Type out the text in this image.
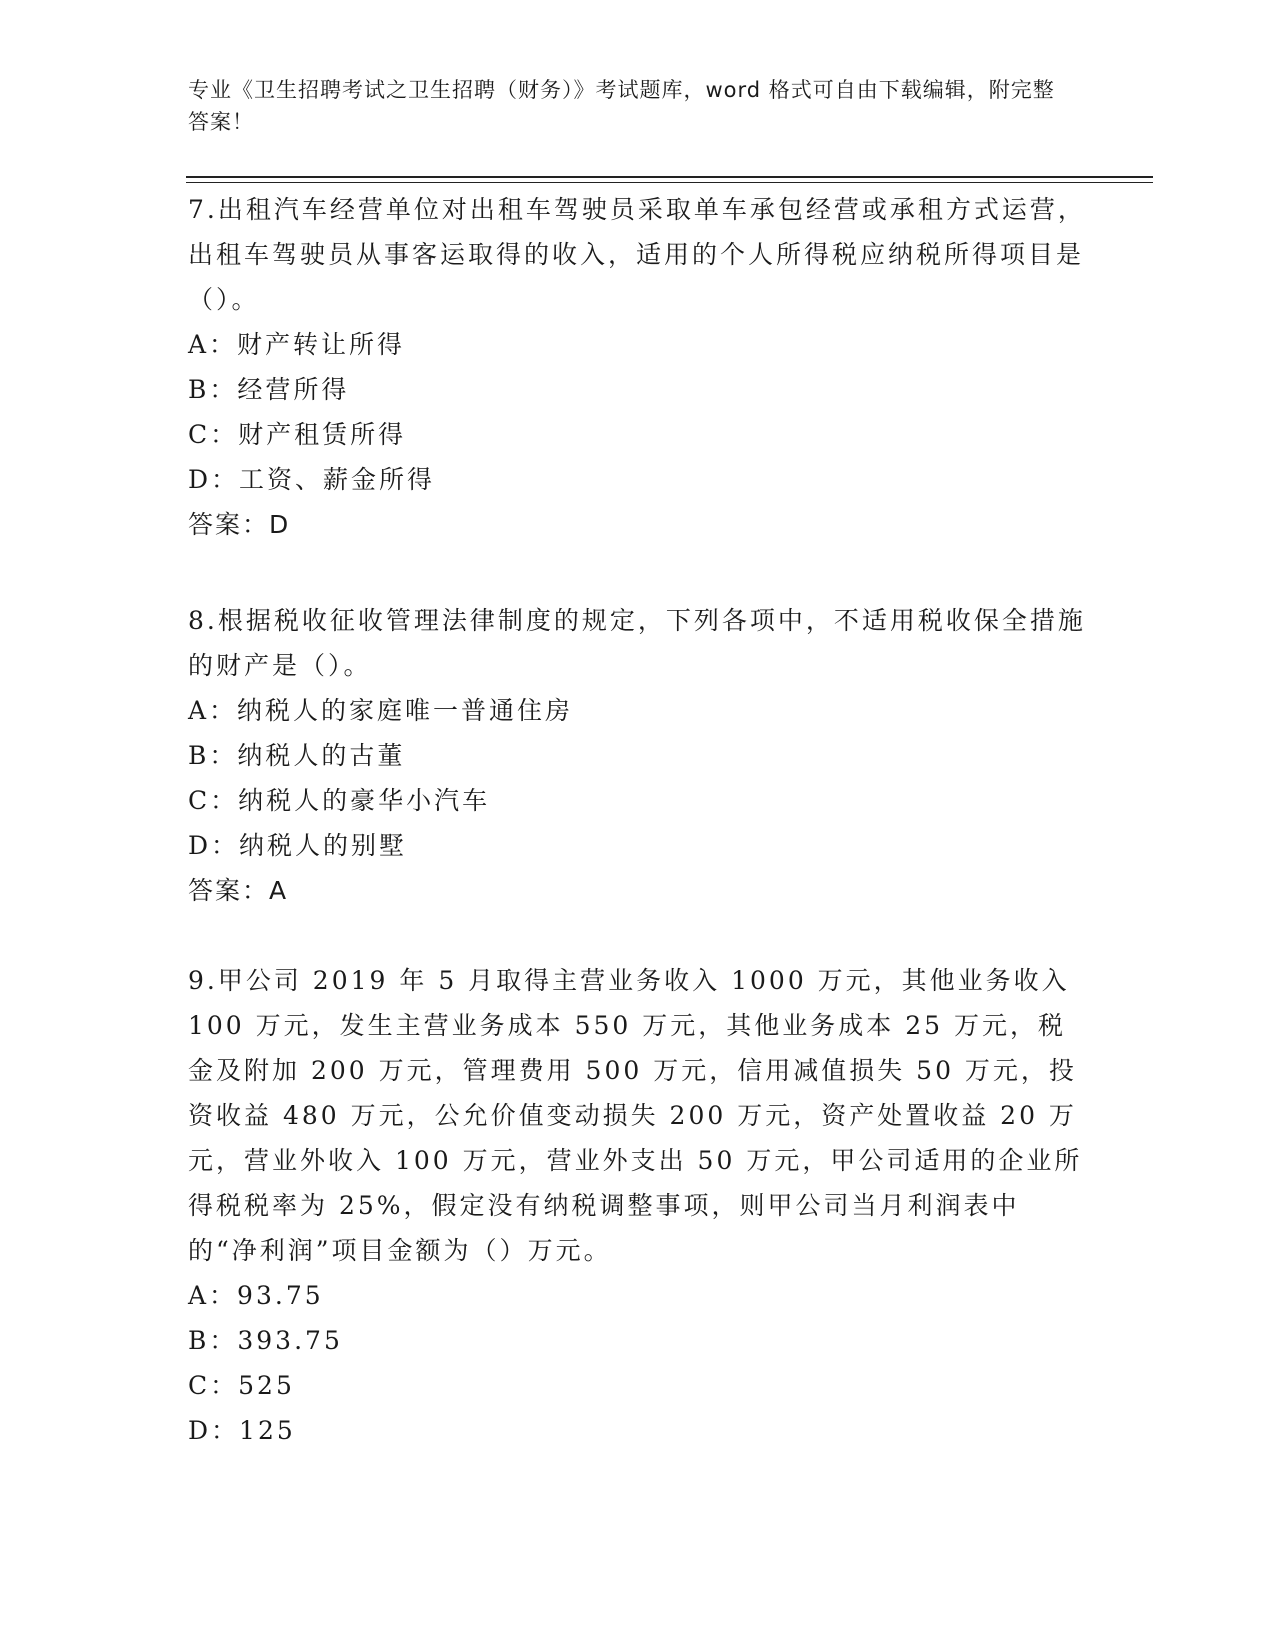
专业《卫生招聘考试之卫生招聘（财务）》考试题库，word 格式可自由下载编辑，附完整答案！

7.出租汽车经营单位对出租车驾驶员采取单车承包经营或承租方式运营，出租车驾驶员从事客运取得的收入，适用的个人所得税应纳税所得项目是（）。

A：财产转让所得

B：经营所得

C：财产租赁所得

D：工资、薪金所得

答案：D

8.根据税收征收管理法律制度的规定，下列各项中，不适用税收保全措施的财产是（）。

A：纳税人的家庭唯一普通住房

B：纳税人的古董

C：纳税人的豪华小汽车

D：纳税人的别墅

答案：A

9.甲公司 2019 年 5 月取得主营业务收入 1000 万元，其他业务收入 100 万元，发生主营业务成本 550 万元，其他业务成本 25 万元，税金及附加 200 万元，管理费用 500 万元，信用减值损失 50 万元，投资收益 480 万元，公允价值变动损失 200 万元，资产处置收益 20 万元，营业外收入 100 万元，营业外支出 50 万元，甲公司适用的企业所得税税率为 25%，假定没有纳税调整事项，则甲公司当月利润表中的“净利润”项目金额为（）万元。

A：93.75

B：393.75

C：525

D：125
